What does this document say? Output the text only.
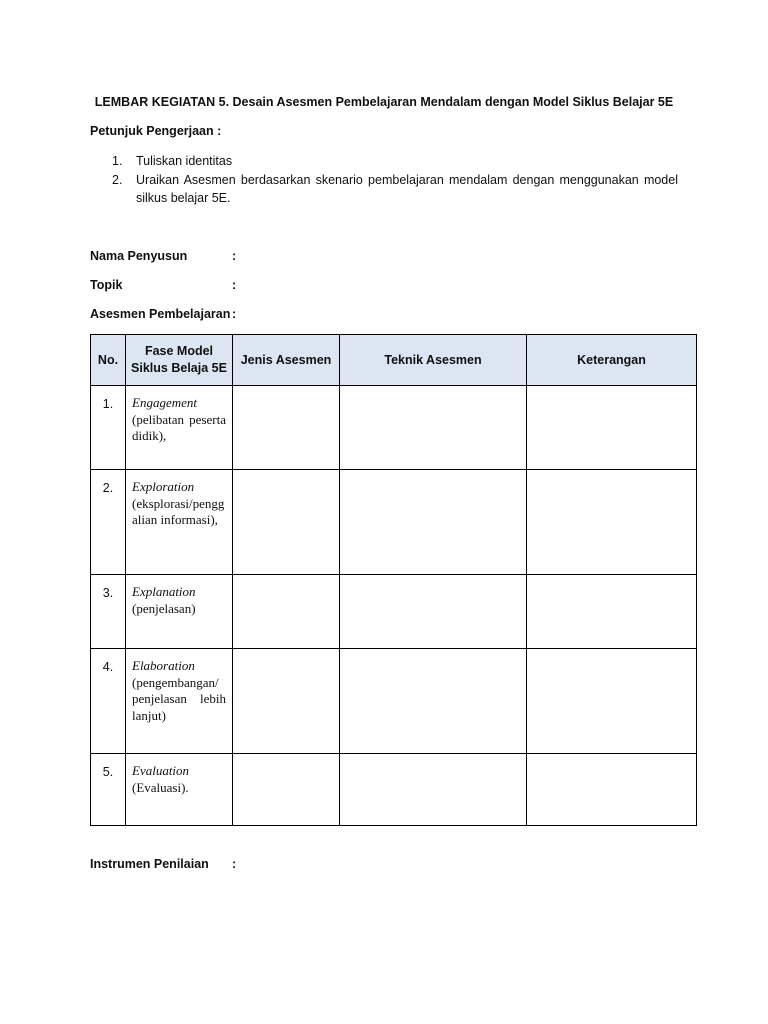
LEMBAR KEGIATAN 5. Desain Asesmen Pembelajaran Mendalam dengan Model Siklus Belajar 5E
Petunjuk Pengerjaan :
1. Tuliskan identitas
2. Uraikan Asesmen berdasarkan skenario pembelajaran mendalam dengan menggunakan model silkus belajar 5E.
Nama Penyusun	:
Topik	:
Asesmen Pembelajaran :
No.	Fase Model Siklus Belaja 5E	Jenis Asesmen	Teknik Asesmen	Keterangan
1.	Engagement
(pelibatan peserta didik),			

2.	Exploration
(eksplorasi/penggalian informasi),			

3.	Explanation
(penjelasan)			

4.	Elaboration
(pengembangan/ penjelasan lebih lanjut)			

5.	Evaluation
(Evaluasi).			

Instrumen Penilaian :
